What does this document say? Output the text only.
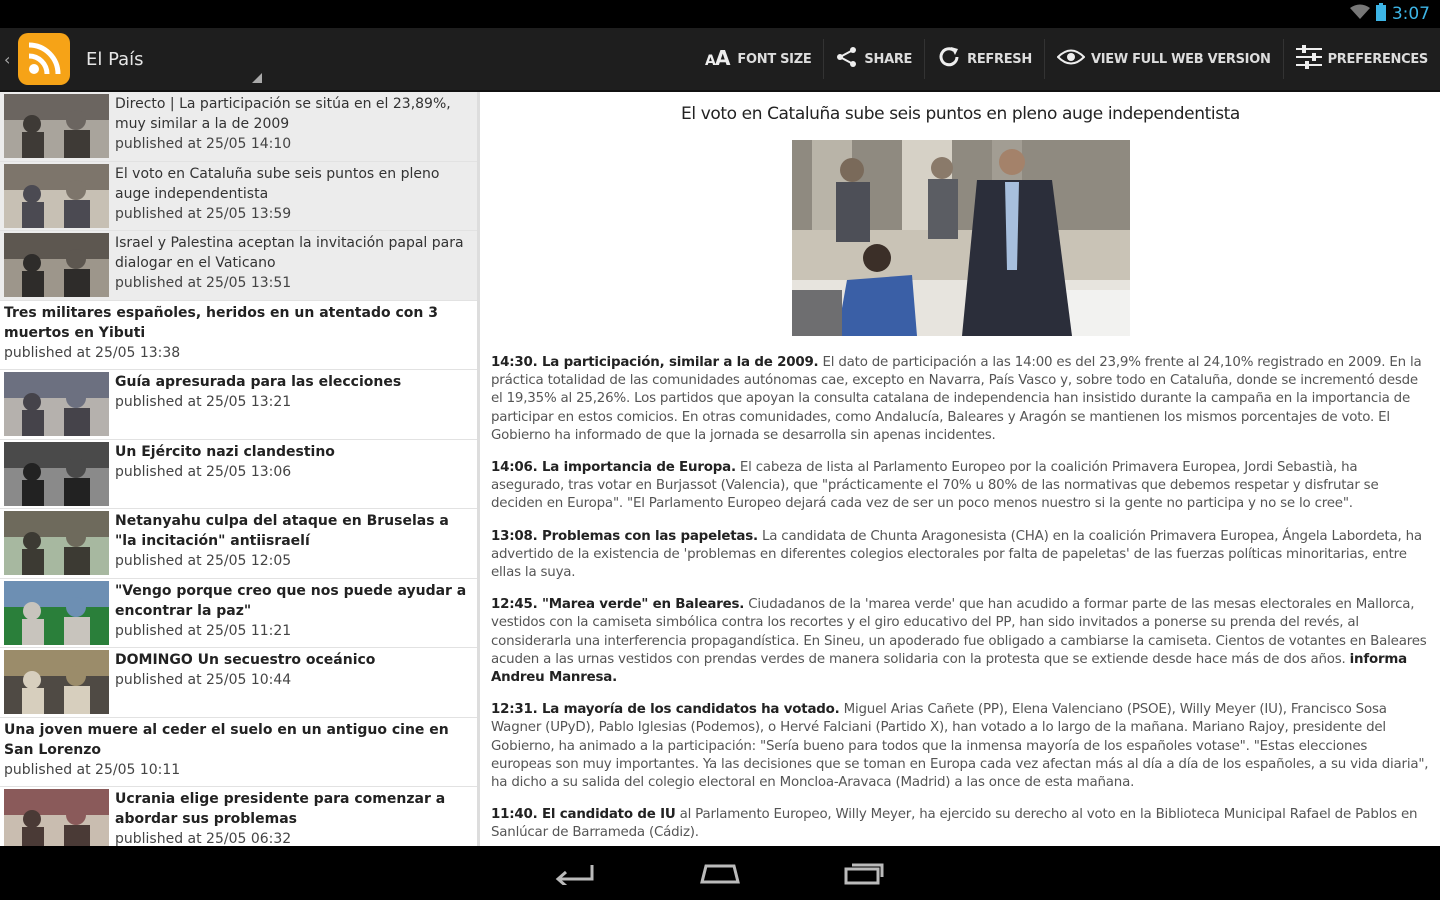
3:07
‹	El País	A A FONT SIZE	SHARE	REFRESH	VIEW FULL WEB VERSION	PREFERENCES
Directo | La participación se sitúa en el 23,89%, muy similar a la de 2009
published at 25/05 14:10
El voto en Cataluña sube seis puntos en pleno auge independentista
published at 25/05 13:59
Israel y Palestina aceptan la invitación papal para dialogar en el Vaticano
published at 25/05 13:51
Tres militares españoles, heridos en un atentado con 3 muertos en Yibuti
published at 25/05 13:38
Guía apresurada para las elecciones
published at 25/05 13:21
Un Ejército nazi clandestino
published at 25/05 13:06
Netanyahu culpa del ataque en Bruselas a "la incitación" antiisraelí
published at 25/05 12:05
"Vengo porque creo que nos puede ayudar a encontrar la paz"
published at 25/05 11:21
DOMINGO Un secuestro oceánico
published at 25/05 10:44
Una joven muere al ceder el suelo en un antiguo cine en San Lorenzo
published at 25/05 10:11
Ucrania elige presidente para comenzar a abordar sus problemas
published at 25/05 06:32
El voto en Cataluña sube seis puntos en pleno auge independentista

14:30. La participación, similar a la de 2009. El dato de participación a las 14:00 es del 23,9% frente al 24,10% registrado en 2009. En la práctica totalidad de las comunidades autónomas cae, excepto en Navarra, País Vasco y, sobre todo en Cataluña, donde se incrementó desde el 19,35% al 25,26%. Los partidos que apoyan la consulta catalana de independencia han insistido durante la campaña en la importancia de participar en estos comicios. En otras comunidades, como Andalucía, Baleares y Aragón se mantienen los mismos porcentajes de voto. El Gobierno ha informado de que la jornada se desarrolla sin apenas incidentes.

14:06. La importancia de Europa. El cabeza de lista al Parlamento Europeo por la coalición Primavera Europea, Jordi Sebastià, ha asegurado, tras votar en Burjassot (Valencia), que "prácticamente el 70% u 80% de las normativas que debemos respetar y disfrutar se deciden en Europa". "El Parlamento Europeo dejará cada vez de ser un poco menos nuestro si la gente no participa y no se lo cree".

13:08. Problemas con las papeletas. La candidata de Chunta Aragonesista (CHA) en la coalición Primavera Europea, Ángela Labordeta, ha advertido de la existencia de 'problemas en diferentes colegios electorales por falta de papeletas' de las fuerzas políticas minoritarias, entre ellas la suya.

12:45. "Marea verde" en Baleares. Ciudadanos de la 'marea verde' que han acudido a formar parte de las mesas electorales en Mallorca, vestidos con la camiseta simbólica contra los recortes y el giro educativo del PP, han sido invitados a ponerse su prenda del revés, al considerarla una interferencia propagandística. En Sineu, un apoderado fue obligado a cambiarse la camiseta. Cientos de votantes en Baleares acuden a las urnas vestidos con prendas verdes de manera solidaria con la protesta que se extiende desde hace más de dos años. informa Andreu Manresa.

12:31. La mayoría de los candidatos ha votado. Miguel Arias Cañete (PP), Elena Valenciano (PSOE), Willy Meyer (IU), Francisco Sosa Wagner (UPyD), Pablo Iglesias (Podemos), o Hervé Falciani (Partido X), han votado a lo largo de la mañana. Mariano Rajoy, presidente del Gobierno, ha animado a la participación: "Sería bueno para todos que la inmensa mayoría de los españoles votase". "Estas elecciones europeas son muy importantes. Ya las decisiones que se toman en Europa cada vez afectan más al día a día de los españoles, a su vida diaria", ha dicho a su salida del colegio electoral en Moncloa-Aravaca (Madrid) a las once de esta mañana.

11:40. El candidato de IU al Parlamento Europeo, Willy Meyer, ha ejercido su derecho al voto en la Biblioteca Municipal Rafael de Pablos en Sanlúcar de Barrameda (Cádiz).
